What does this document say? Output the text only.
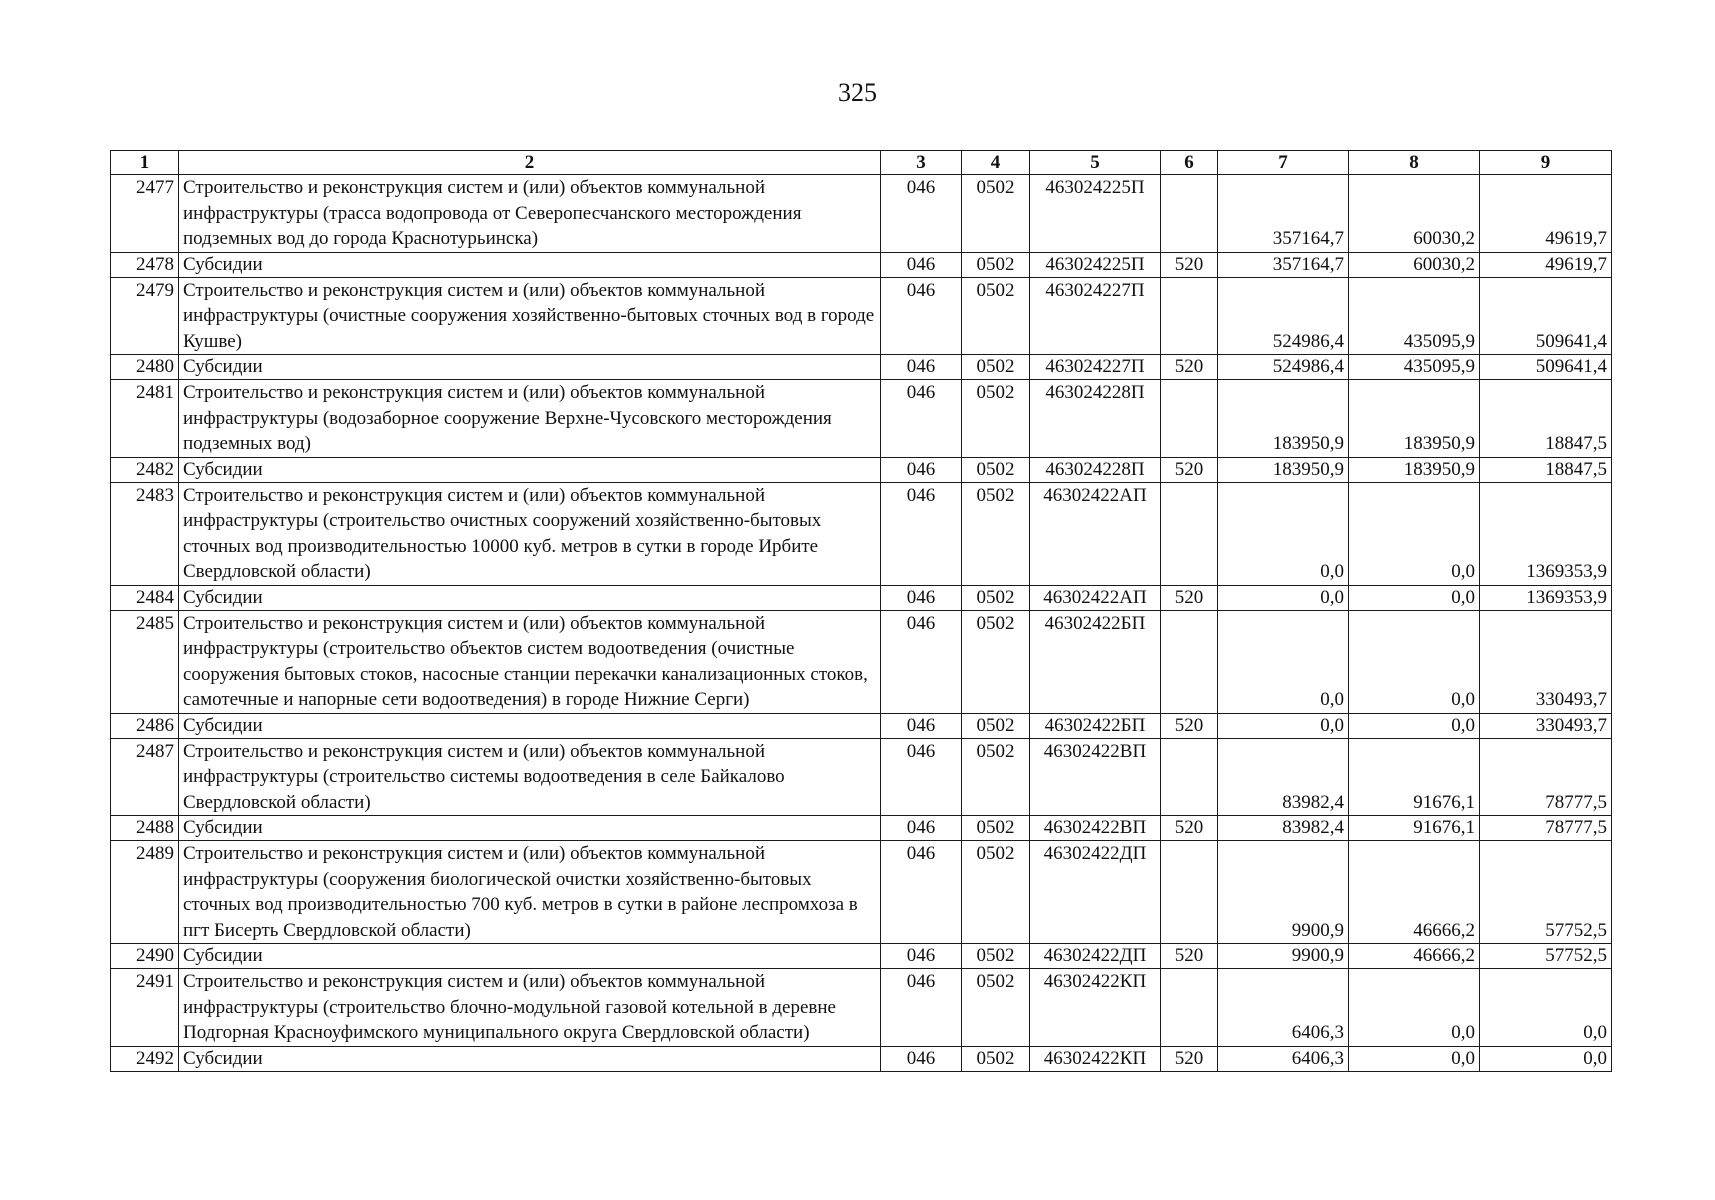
325
1	2	3	4	5	6	7	8	9
2477	Строительство и реконструкция систем и (или) объектов коммунальной инфраструктуры (трасса водопровода от Северопесчанского месторождения подземных вод до города Краснотурьинска)	046	0502	463024225П		357164,7	60030,2	49619,7
2478	Субсидии	046	0502	463024225П	520	357164,7	60030,2	49619,7
2479	Строительство и реконструкция систем и (или) объектов коммунальной инфраструктуры (очистные сооружения хозяйственно-бытовых сточных вод в городе Кушве)	046	0502	463024227П		524986,4	435095,9	509641,4
2480	Субсидии	046	0502	463024227П	520	524986,4	435095,9	509641,4
2481	Строительство и реконструкция систем и (или) объектов коммунальной инфраструктуры (водозаборное сооружение Верхне-Чусовского месторождения подземных вод)	046	0502	463024228П		183950,9	183950,9	18847,5
2482	Субсидии	046	0502	463024228П	520	183950,9	183950,9	18847,5
2483	Строительство и реконструкция систем и (или) объектов коммунальной инфраструктуры (строительство очистных сооружений хозяйственно-бытовых сточных вод производительностью 10000 куб. метров в сутки в городе Ирбите Свердловской области)	046	0502	46302422АП		0,0	0,0	1369353,9
2484	Субсидии	046	0502	46302422АП	520	0,0	0,0	1369353,9
2485	Строительство и реконструкция систем и (или) объектов коммунальной инфраструктуры (строительство объектов систем водоотведения (очистные сооружения бытовых стоков, насосные станции перекачки канализационных стоков, самотечные и напорные сети водоотведения) в городе Нижние Серги)	046	0502	46302422БП		0,0	0,0	330493,7
2486	Субсидии	046	0502	46302422БП	520	0,0	0,0	330493,7
2487	Строительство и реконструкция систем и (или) объектов коммунальной инфраструктуры (строительство системы водоотведения в селе Байкалово Свердловской области)	046	0502	46302422ВП		83982,4	91676,1	78777,5
2488	Субсидии	046	0502	46302422ВП	520	83982,4	91676,1	78777,5
2489	Строительство и реконструкция систем и (или) объектов коммунальной инфраструктуры (сооружения биологической очистки хозяйственно-бытовых сточных вод производительностью 700 куб. метров в сутки в районе леспромхоза в пгт Бисерть Свердловской области)	046	0502	46302422ДП		9900,9	46666,2	57752,5
2490	Субсидии	046	0502	46302422ДП	520	9900,9	46666,2	57752,5
2491	Строительство и реконструкция систем и (или) объектов коммунальной инфраструктуры (строительство блочно-модульной газовой котельной в деревне Подгорная Красноуфимского муниципального округа Свердловской области)	046	0502	46302422КП		6406,3	0,0	0,0
2492	Субсидии	046	0502	46302422КП	520	6406,3	0,0	0,0
